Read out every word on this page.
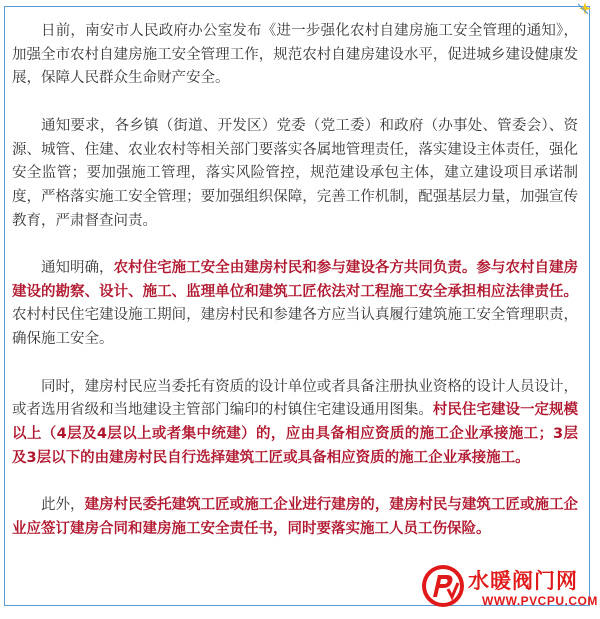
日前，南安市人民政府办公室发布《进一步强化农村自建房施工安全管理的通知》，加强全市农村自建房施工安全管理工作，规范农村自建房建设水平，促进城乡建设健康发展，保障人民群众生命财产安全。

通知要求，各乡镇（街道、开发区）党委（党工委）和政府（办事处、管委会）、资源、城管、住建、农业农村等相关部门要落实各属地管理责任，落实建设主体责任，强化安全监管；要加强施工管理，落实风险管控，规范建设承包主体，建立建设项目承诺制度，严格落实施工安全管理；要加强组织保障，完善工作机制，配强基层力量，加强宣传教育，严肃督查问责。

通知明确，农村住宅施工安全由建房村民和参与建设各方共同负责。参与农村自建房建设的勘察、设计、施工、监理单位和建筑工匠依法对工程施工安全承担相应法律责任。农村村民住宅建设施工期间，建房村民和参建各方应当认真履行建筑施工安全管理职责，确保施工安全。

同时，建房村民应当委托有资质的设计单位或者具备注册执业资格的设计人员设计，或者选用省级和当地建设主管部门编印的村镇住宅建设通用图集。村民住宅建设一定规模以上（4层及4层以上或者集中统建）的，应由具备相应资质的施工企业承接施工；3层及3层以下的由建房村民自行选择建筑工匠或具备相应资质的施工企业承接施工。

此外，建房村民委托建筑工匠或施工企业进行建房的，建房村民与建筑工匠或施工企业应签订建房合同和建房施工安全责任书，同时要落实施工人员工伤保险。

水暖阀门网
WWW.PVCPU.COM
